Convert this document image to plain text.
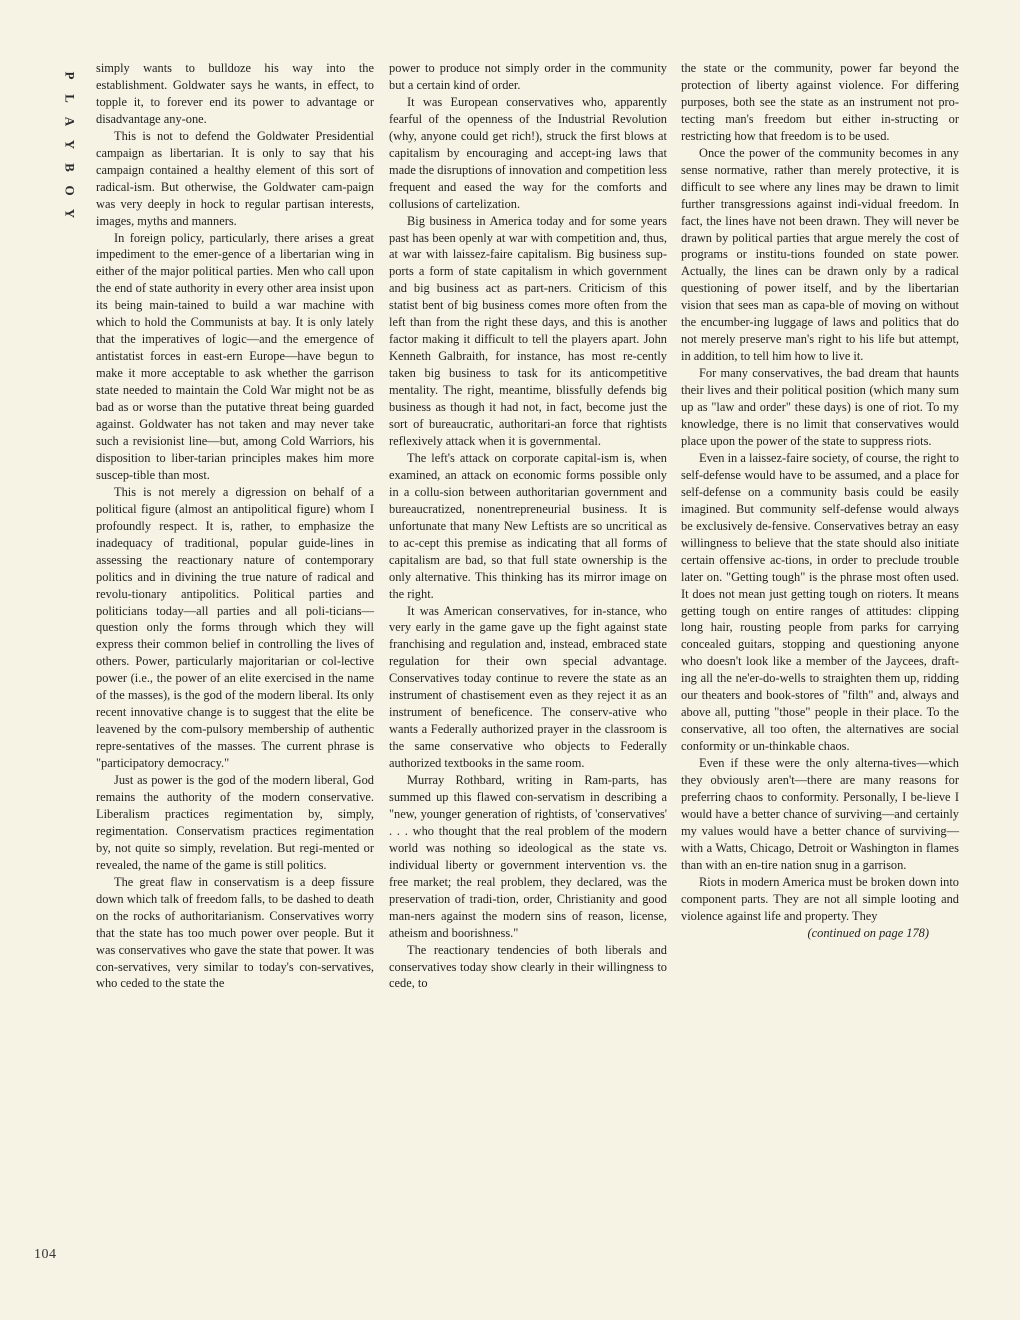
P
L
A
Y
B
O
Y
104

simply wants to bulldoze his way into the establishment. Goldwater says he wants, in effect, to topple it, to forever end its power to advantage or disadvantage any-one.

This is not to defend the Goldwater Presidential campaign as libertarian. It is only to say that his campaign contained a healthy element of this sort of radical-ism. But otherwise, the Goldwater cam-paign was very deeply in hock to regular partisan interests, images, myths and manners.

In foreign policy, particularly, there arises a great impediment to the emer-gence of a libertarian wing in either of the major political parties. Men who call upon the end of state authority in every other area insist upon its being main-tained to build a war machine with which to hold the Communists at bay. It is only lately that the imperatives of logic—and the emergence of antistatist forces in east-ern Europe—have begun to make it more acceptable to ask whether the garrison state needed to maintain the Cold War might not be as bad as or worse than the putative threat being guarded against. Goldwater has not taken and may never take such a revisionist line—but, among Cold Warriors, his disposition to liber-tarian principles makes him more suscep-tible than most.

This is not merely a digression on behalf of a political figure (almost an antipolitical figure) whom I profoundly respect. It is, rather, to emphasize the inadequacy of traditional, popular guide-lines in assessing the reactionary nature of contemporary politics and in divining the true nature of radical and revolu-tionary antipolitics. Political parties and politicians today—all parties and all poli-ticians—question only the forms through which they will express their common belief in controlling the lives of others. Power, particularly majoritarian or col-lective power (i.e., the power of an elite exercised in the name of the masses), is the god of the modern liberal. Its only recent innovative change is to suggest that the elite be leavened by the com-pulsory membership of authentic repre-sentatives of the masses. The current phrase is "participatory democracy."

Just as power is the god of the modern liberal, God remains the authority of the modern conservative. Liberalism practices regimentation by, simply, regimentation. Conservatism practices regimentation by, not quite so simply, revelation. But regi-mented or revealed, the name of the game is still politics.

The great flaw in conservatism is a deep fissure down which talk of freedom falls, to be dashed to death on the rocks of authoritarianism. Conservatives worry that the state has too much power over people. But it was conservatives who gave the state that power. It was con-servatives, very similar to today's con-servatives, who ceded to the state the

power to produce not simply order in the community but a certain kind of order.

It was European conservatives who, apparently fearful of the openness of the Industrial Revolution (why, anyone could get rich!), struck the first blows at capitalism by encouraging and accept-ing laws that made the disruptions of innovation and competition less frequent and eased the way for the comforts and collusions of cartelization.

Big business in America today and for some years past has been openly at war with competition and, thus, at war with laissez-faire capitalism. Big business sup-ports a form of state capitalism in which government and big business act as part-ners. Criticism of this statist bent of big business comes more often from the left than from the right these days, and this is another factor making it difficult to tell the players apart. John Kenneth Galbraith, for instance, has most re-cently taken big business to task for its anticompetitive mentality. The right, meantime, blissfully defends big business as though it had not, in fact, become just the sort of bureaucratic, authoritari-an force that rightists reflexively attack when it is governmental.

The left's attack on corporate capital-ism is, when examined, an attack on economic forms possible only in a collu-sion between authoritarian government and bureaucratized, nonentrepreneurial business. It is unfortunate that many New Leftists are so uncritical as to ac-cept this premise as indicating that all forms of capitalism are bad, so that full state ownership is the only alternative. This thinking has its mirror image on the right.

It was American conservatives, for in-stance, who very early in the game gave up the fight against state franchising and regulation and, instead, embraced state regulation for their own special advantage. Conservatives today continue to revere the state as an instrument of chastisement even as they reject it as an instrument of beneficence. The conserv-ative who wants a Federally authorized prayer in the classroom is the same conservative who objects to Federally authorized textbooks in the same room.

Murray Rothbard, writing in Ram-parts, has summed up this flawed con-servatism in describing a "new, younger generation of rightists, of 'conservatives' . . . who thought that the real problem of the modern world was nothing so ideological as the state vs. individual liberty or government intervention vs. the free market; the real problem, they declared, was the preservation of tradi-tion, order, Christianity and good man-ners against the modern sins of reason, license, atheism and boorishness."

The reactionary tendencies of both liberals and conservatives today show clearly in their willingness to cede, to

the state or the community, power far beyond the protection of liberty against violence. For differing purposes, both see the state as an instrument not pro-tecting man's freedom but either in-structing or restricting how that freedom is to be used.

Once the power of the community becomes in any sense normative, rather than merely protective, it is difficult to see where any lines may be drawn to limit further transgressions against indi-vidual freedom. In fact, the lines have not been drawn. They will never be drawn by political parties that argue merely the cost of programs or institu-tions founded on state power. Actually, the lines can be drawn only by a radical questioning of power itself, and by the libertarian vision that sees man as capa-ble of moving on without the encumber-ing luggage of laws and politics that do not merely preserve man's right to his life but attempt, in addition, to tell him how to live it.

For many conservatives, the bad dream that haunts their lives and their political position (which many sum up as "law and order" these days) is one of riot. To my knowledge, there is no limit that conservatives would place upon the power of the state to suppress riots.

Even in a laissez-faire society, of course, the right to self-defense would have to be assumed, and a place for self-defense on a community basis could be easily imagined. But community self-defense would always be exclusively de-fensive. Conservatives betray an easy willingness to believe that the state should also initiate certain offensive ac-tions, in order to preclude trouble later on. "Getting tough" is the phrase most often used. It does not mean just getting tough on rioters. It means getting tough on entire ranges of attitudes: clipping long hair, rousting people from parks for carrying concealed guitars, stopping and questioning anyone who doesn't look like a member of the Jaycees, draft-ing all the ne'er-do-wells to straighten them up, ridding our theaters and book-stores of "filth" and, always and above all, putting "those" people in their place. To the conservative, all too often, the alternatives are social conformity or un-thinkable chaos.

Even if these were the only alterna-tives—which they obviously aren't—there are many reasons for preferring chaos to conformity. Personally, I be-lieve I would have a better chance of surviving—and certainly my values would have a better chance of surviving—with a Watts, Chicago, Detroit or Washington in flames than with an en-tire nation snug in a garrison.

Riots in modern America must be broken down into component parts. They are not all simple looting and violence against life and property. They

(continued on page 178)
